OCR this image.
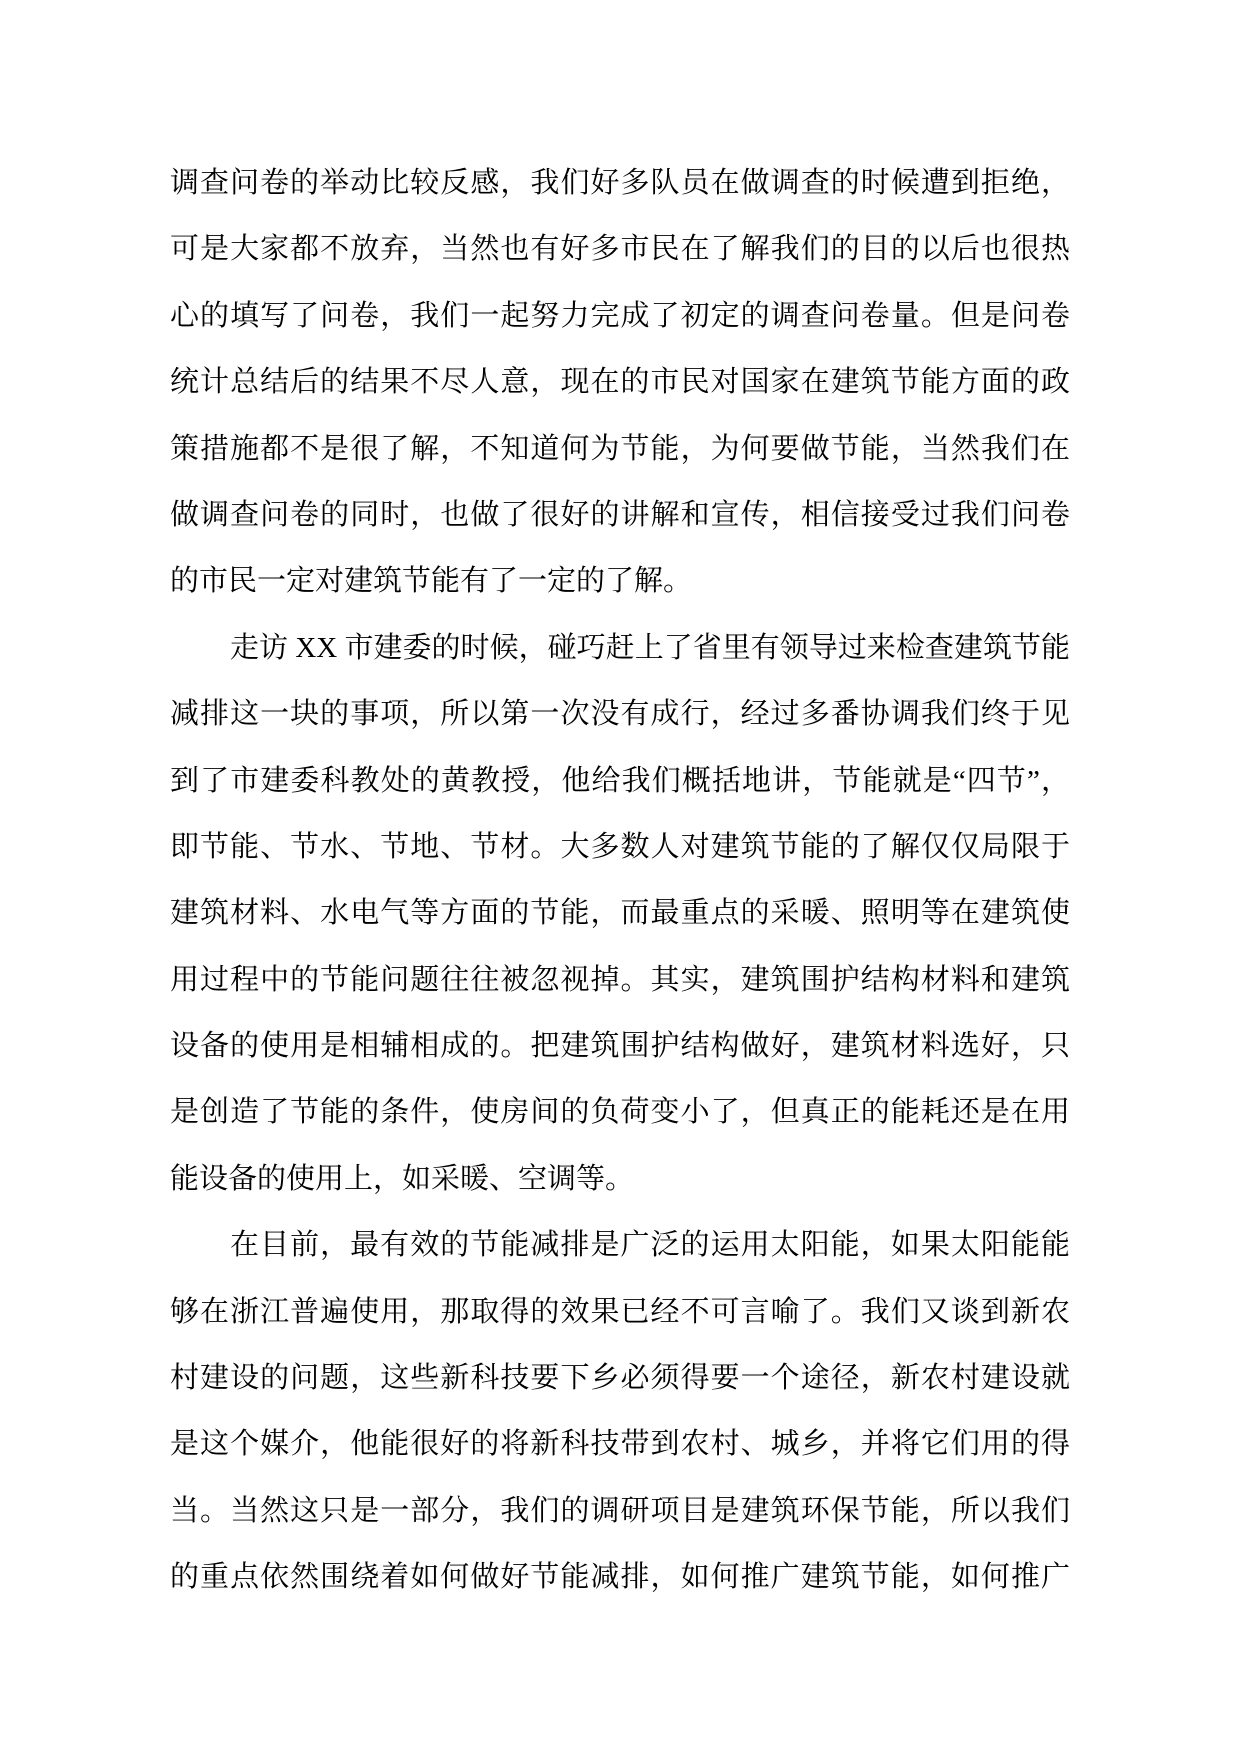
调查问卷的举动比较反感，我们好多队员在做调查的时候遭到拒绝，
可是大家都不放弃，当然也有好多市民在了解我们的目的以后也很热
心的填写了问卷，我们一起努力完成了初定的调查问卷量。但是问卷
统计总结后的结果不尽人意，现在的市民对国家在建筑节能方面的政
策措施都不是很了解，不知道何为节能，为何要做节能，当然我们在
做调查问卷的同时，也做了很好的讲解和宣传，相信接受过我们问卷
的市民一定对建筑节能有了一定的了解。
走访 XX 市建委的时候，碰巧赶上了省里有领导过来检查建筑节能
减排这一块的事项，所以第一次没有成行，经过多番协调我们终于见
到了市建委科教处的黄教授，他给我们概括地讲，节能就是“四节”，
即节能、节水、节地、节材。大多数人对建筑节能的了解仅仅局限于
建筑材料、水电气等方面的节能，而最重点的采暖、照明等在建筑使
用过程中的节能问题往往被忽视掉。其实，建筑围护结构材料和建筑
设备的使用是相辅相成的。把建筑围护结构做好，建筑材料选好，只
是创造了节能的条件，使房间的负荷变小了，但真正的能耗还是在用
能设备的使用上，如采暖、空调等。
在目前，最有效的节能减排是广泛的运用太阳能，如果太阳能能
够在浙江普遍使用，那取得的效果已经不可言喻了。我们又谈到新农
村建设的问题，这些新科技要下乡必须得要一个途径，新农村建设就
是这个媒介，他能很好的将新科技带到农村、城乡，并将它们用的得
当。当然这只是一部分，我们的调研项目是建筑环保节能，所以我们
的重点依然围绕着如何做好节能减排，如何推广建筑节能，如何推广
